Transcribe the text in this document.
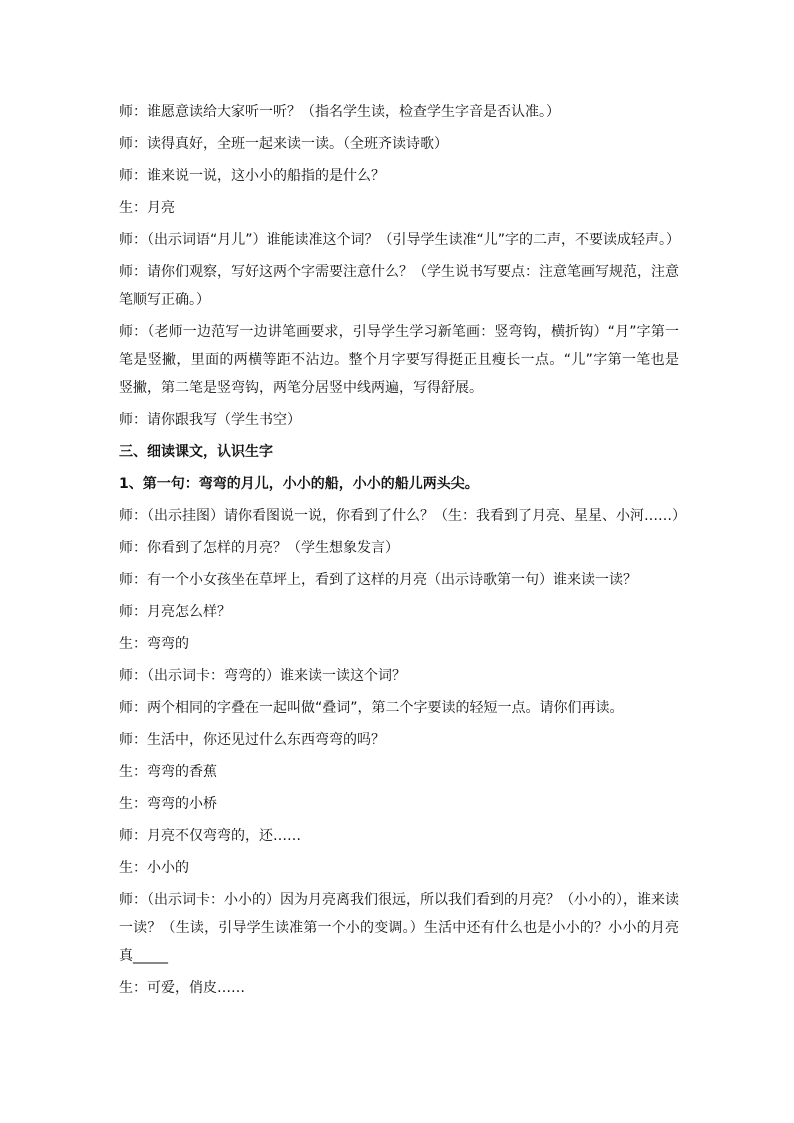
师：谁愿意读给大家听一听？（指名学生读，检查学生字音是否认准。）

师：读得真好，全班一起来读一读。（全班齐读诗歌）

师：谁来说一说，这小小的船指的是什么？

生：月亮

师：（出示词语“月儿”）谁能读准这个词？（引导学生读准“儿”字的二声，不要读成轻声。）

师：请你们观察，写好这两个字需要注意什么？（学生说书写要点：注意笔画写规范，注意笔顺写正确。）

师：（老师一边范写一边讲笔画要求，引导学生学习新笔画：竖弯钩，横折钩）“月”字第一笔是竖撇，里面的两横等距不沾边。整个月字要写得挺正且瘦长一点。“儿”字第一笔也是竖撇，第二笔是竖弯钩，两笔分居竖中线两遍，写得舒展。

师：请你跟我写（学生书空）

三、细读课文，认识生字

1、第一句：弯弯的月儿，小小的船，小小的船儿两头尖。

师：（出示挂图）请你看图说一说，你看到了什么？（生：我看到了月亮、星星、小河……）

师：你看到了怎样的月亮？（学生想象发言）

师：有一个小女孩坐在草坪上，看到了这样的月亮（出示诗歌第一句）谁来读一读？

师：月亮怎么样？

生：弯弯的

师：（出示词卡：弯弯的）谁来读一读这个词？

师：两个相同的字叠在一起叫做“叠词”，第二个字要读的轻短一点。请你们再读。

师：生活中，你还见过什么东西弯弯的吗？

生：弯弯的香蕉

生：弯弯的小桥

师：月亮不仅弯弯的，还……

生：小小的

师：（出示词卡：小小的）因为月亮离我们很远，所以我们看到的月亮？（小小的），谁来读一读？（生读，引导学生读准第一个小的变调。）生活中还有什么也是小小的？小小的月亮真_____

生：可爱，俏皮……
